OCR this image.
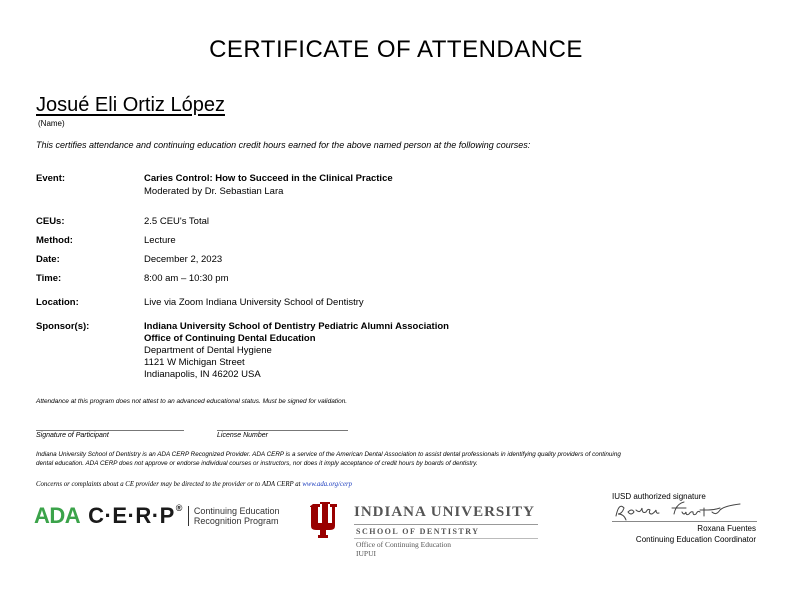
CERTIFICATE OF ATTENDANCE
Josué Eli Ortiz López
(Name)
This certifies attendance and continuing education credit hours earned for the above named person at the following courses:
Event:	Caries Control: How to Succeed in the Clinical Practice
Moderated by Dr. Sebastian Lara
CEUs:	2.5 CEU's Total
Method:	Lecture
Date:	December 2, 2023
Time:	8:00 am – 10:30 pm
Location:	Live via Zoom Indiana University School of Dentistry
Sponsor(s):	Indiana University School of Dentistry Pediatric Alumni Association
Office of Continuing Dental Education
Department of Dental Hygiene
1121 W Michigan Street
Indianapolis, IN 46202 USA
Attendance at this program does not attest to an advanced educational status. Must be signed for validation.
Signature of Participant	License Number
Indiana University School of Dentistry is an ADA CERP Recognized Provider. ADA CERP is a service of the American Dental Association to assist dental professionals in identifying quality providers of continuing
dental education. ADA CERP does not approve or endorse individual courses or instructors, nor does it imply acceptance of credit hours by boards of dentistry.
Concerns or complaints about a CE provider may be directed to the provider or to ADA CERP at www.ada.org/cerp
ADA C·E·R·P® Continuing Education
Recognition Program
INDIANA UNIVERSITY
SCHOOL OF DENTISTRY
Office of Continuing Education
IUPUI
IUSD authorized signature
Roxana Fuentes
Continuing Education Coordinator
